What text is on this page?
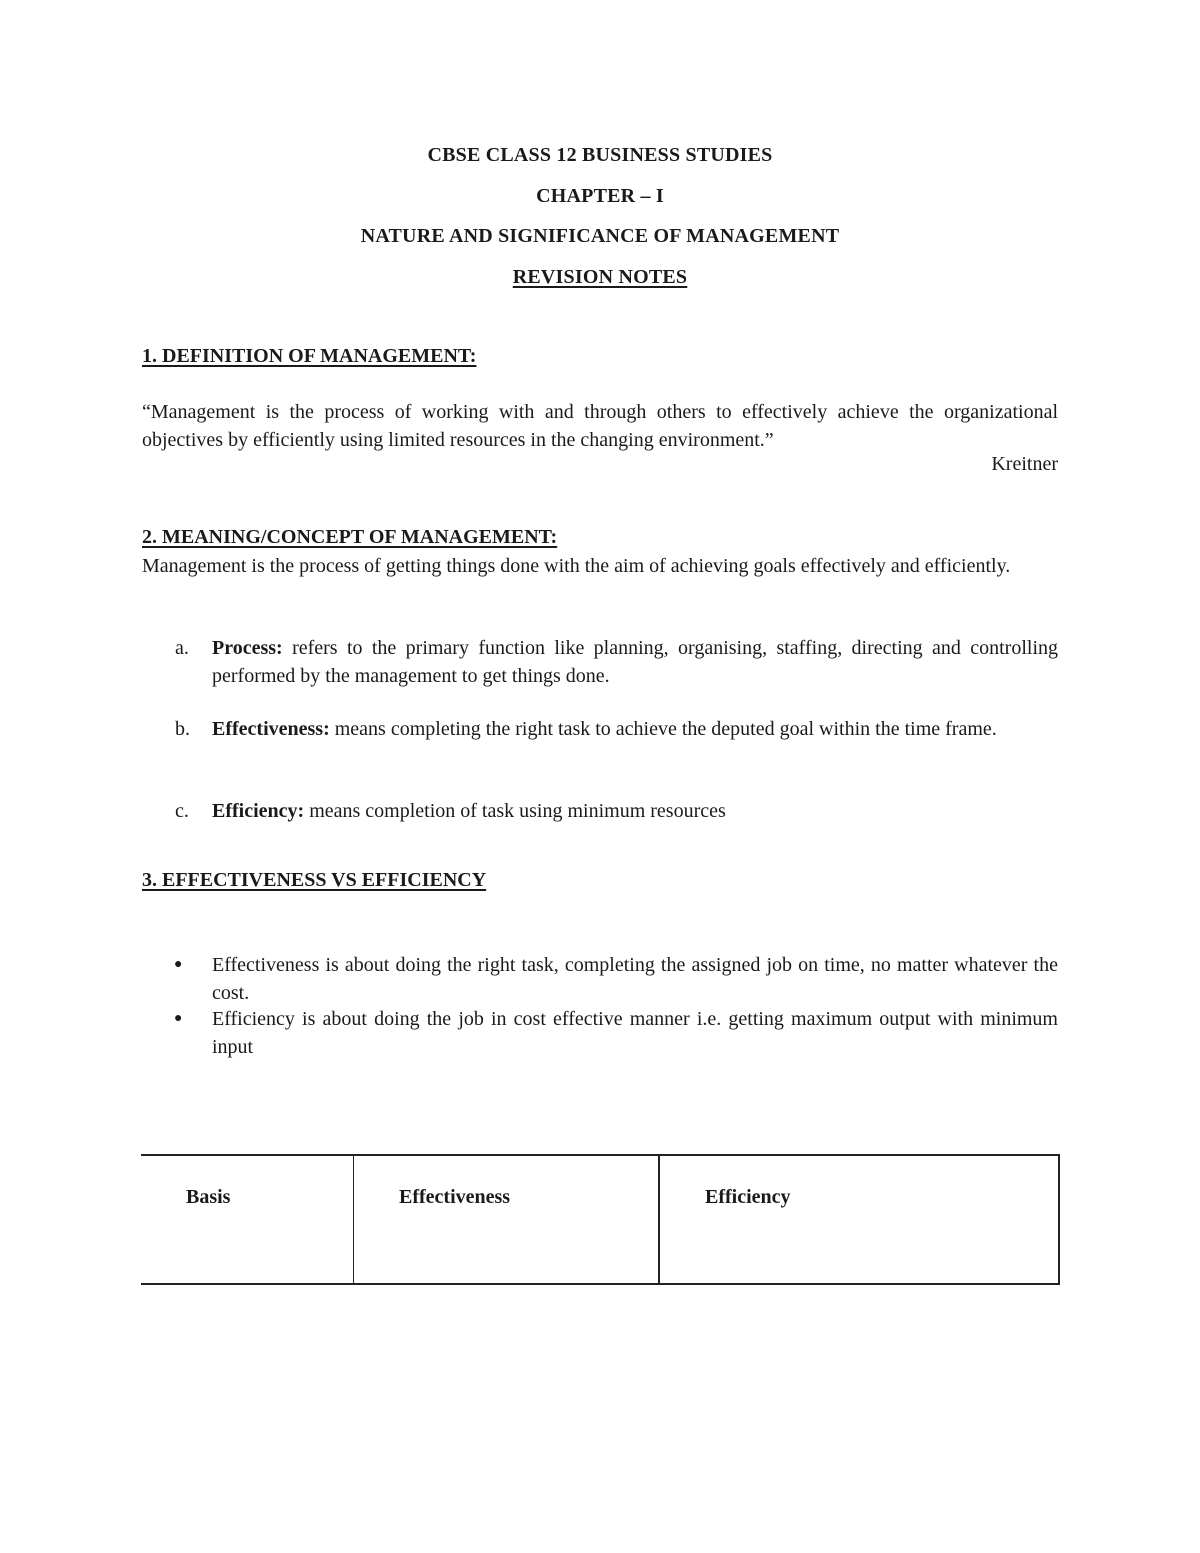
CBSE CLASS 12 BUSINESS STUDIES
CHAPTER – I
NATURE AND SIGNIFICANCE OF MANAGEMENT
REVISION NOTES
1. DEFINITION OF MANAGEMENT:
“Management is the process of working with and through others to effectively achieve the organizational objectives by efficiently using limited resources in the changing environment.”
Kreitner
2. MEANING/CONCEPT OF MANAGEMENT:
Management is the process of getting things done with the aim of achieving goals effectively and efficiently.
a. Process: refers to the primary function like planning, organising, staffing, directing and controlling performed by the management to get things done.
b. Effectiveness: means completing the right task to achieve the deputed goal within the time frame.
c. Efficiency: means completion of task using minimum resources
3. EFFECTIVENESS VS EFFICIENCY
● Effectiveness is about doing the right task, completing the assigned job on time, no matter whatever the cost.
● Efficiency is about doing the job in cost effective manner i.e. getting maximum output with minimum input
Basis	Effectiveness	Efficiency
